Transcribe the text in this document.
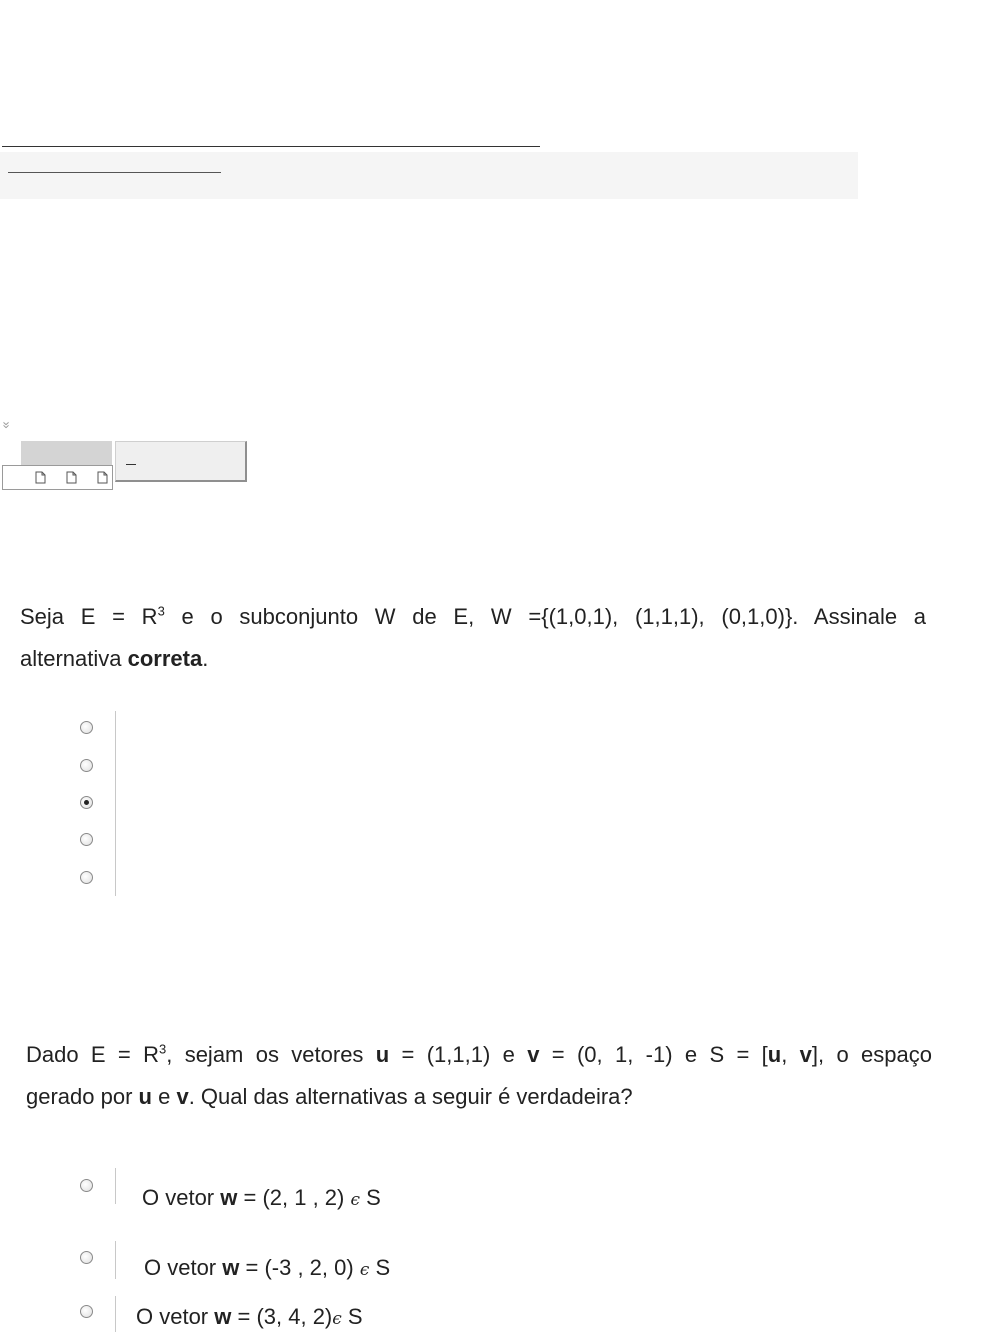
»
Seja $E = R^3$ e o subconjunto W de E, W ={(1,0,1), (1,1,1), (0,1,0)}. Assinale a
alternativa correta.
Dado $E = R^3$, sejam os vetores u = (1,1,1) e v = (0, 1, -1) e S = [u, v], o espaço
gerado por u e v. Qual das alternativas a seguir é verdadeira?
O vetor w = (2, 1 , 2) ϵ S
O vetor w = (-3 , 2, 0) ϵ S
O vetor w = (3, 4, 2)ϵ S
